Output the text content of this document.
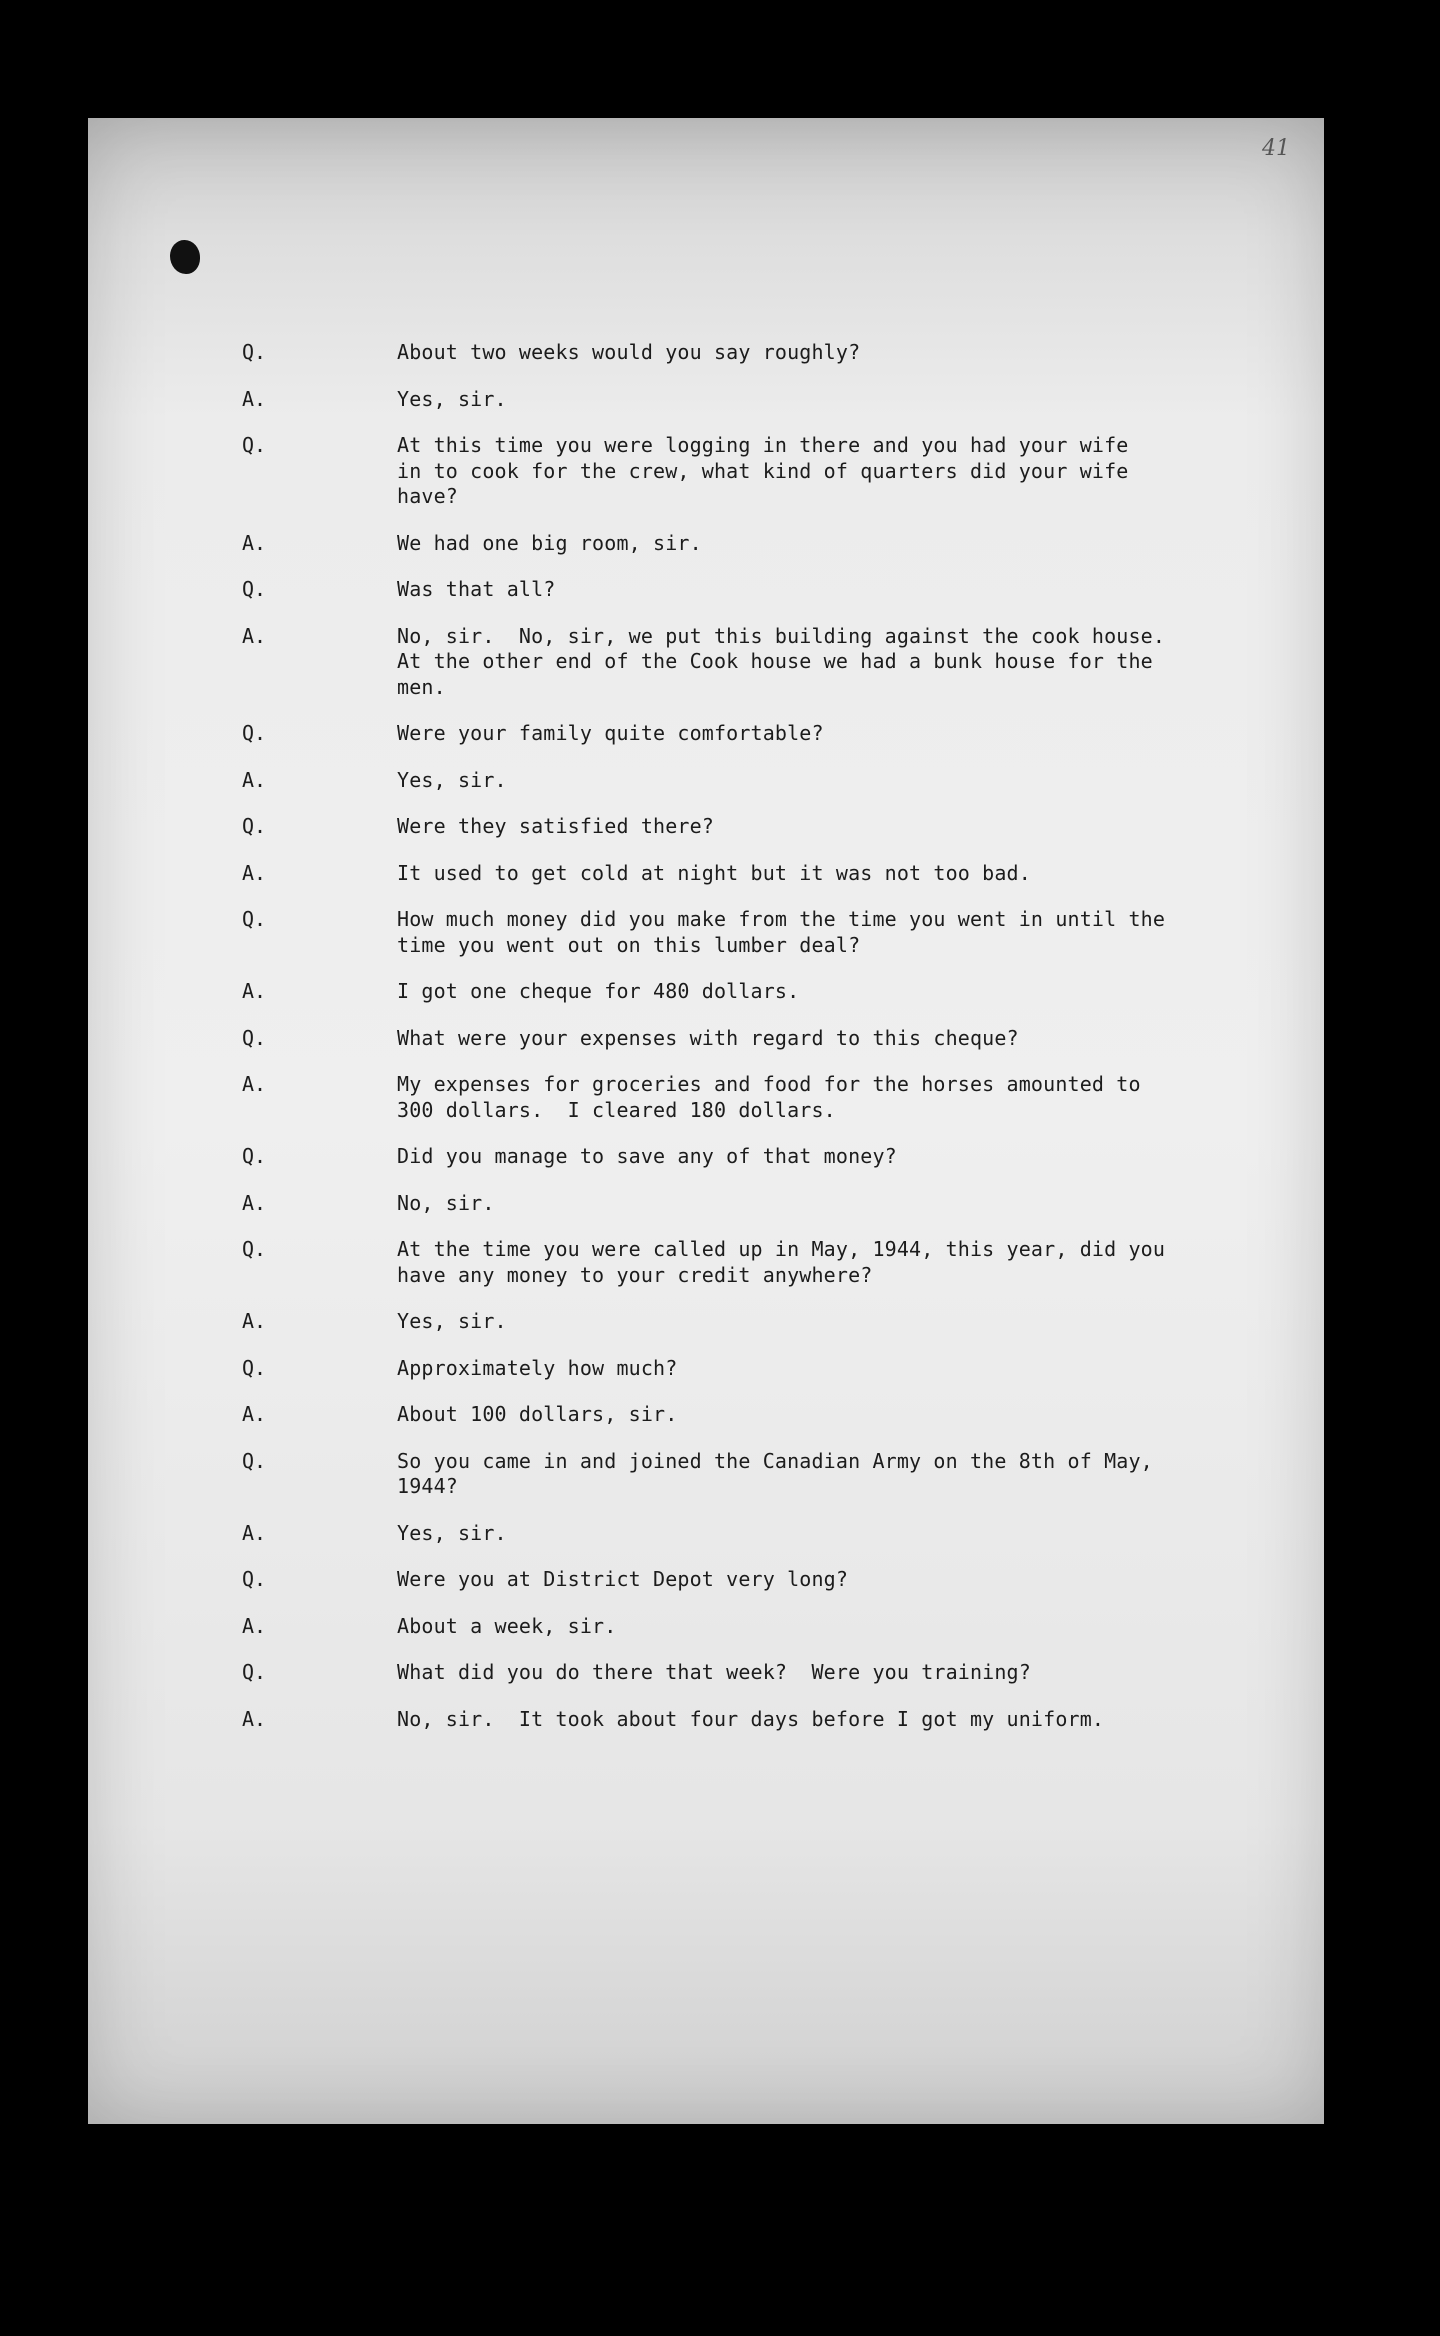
41
Q.	About two weeks would you say roughly?
A.	Yes, sir.
Q.	At this time you were logging in there and you had your wife
in to cook for the crew, what kind of quarters did your wife
have?
A.	We had one big room, sir.
Q.	Was that all?
A.	No, sir.  No, sir, we put this building against the cook house.
At the other end of the Cook house we had a bunk house for the
men.
Q.	Were your family quite comfortable?
A.	Yes, sir.
Q.	Were they satisfied there?
A.	It used to get cold at night but it was not too bad.
Q.	How much money did you make from the time you went in until the
time you went out on this lumber deal?
A.	I got one cheque for 480 dollars.
Q.	What were your expenses with regard to this cheque?
A.	My expenses for groceries and food for the horses amounted to
300 dollars.  I cleared 180 dollars.
Q.	Did you manage to save any of that money?
A.	No, sir.
Q.	At the time you were called up in May, 1944, this year, did you
have any money to your credit anywhere?
A.	Yes, sir.
Q.	Approximately how much?
A.	About 100 dollars, sir.
Q.	So you came in and joined the Canadian Army on the 8th of May,
1944?
A.	Yes, sir.
Q.	Were you at District Depot very long?
A.	About a week, sir.
Q.	What did you do there that week?  Were you training?
A.	No, sir.  It took about four days before I got my uniform.
